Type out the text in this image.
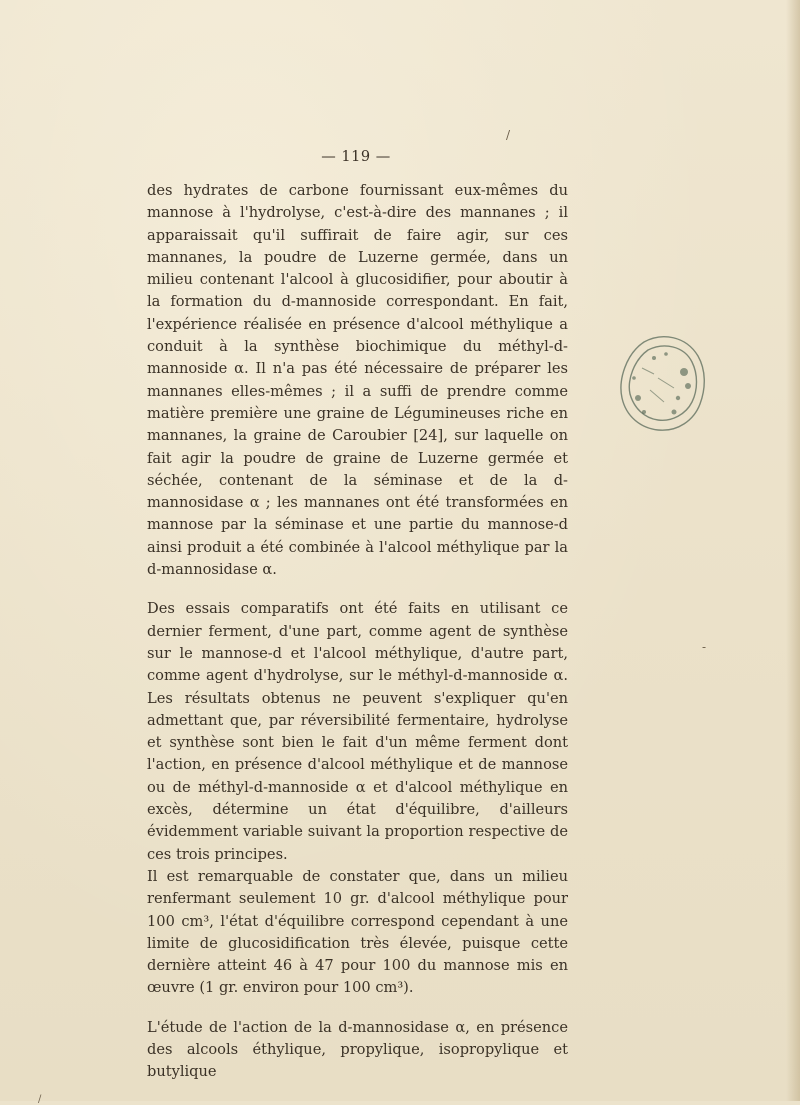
/
— 119 —

des hydrates de carbone fournissant eux-mêmes du mannose à l'hydrolyse, c'est-à-dire des mannanes ; il apparaissait qu'il suffirait de faire agir, sur ces mannanes, la poudre de Luzerne germée, dans un milieu contenant l'alcool à glucosidifier, pour aboutir à la formation du d-mannoside correspondant. En fait, l'expérience réalisée en présence d'alcool méthylique a conduit à la synthèse biochimique du méthyl-d-mannoside α. Il n'a pas été nécessaire de préparer les mannanes elles-mêmes ; il a suffi de prendre comme matière première une graine de Légumineuses riche en mannanes, la graine de Caroubier [24], sur laquelle on fait agir la poudre de graine de Luzerne germée et séchée, contenant de la séminase et de la d-mannosidase α ; les mannanes ont été transformées en mannose par la séminase et une partie du mannose-d ainsi produit a été combinée à l'alcool méthylique par la d-mannosidase α.

Des essais comparatifs ont été faits en utilisant ce dernier ferment, d'une part, comme agent de synthèse sur le mannose-d et l'alcool méthylique, d'autre part, comme agent d'hydrolyse, sur le méthyl-d-mannoside α. Les résultats obtenus ne peuvent s'expliquer qu'en admettant que, par réversibilité fermentaire, hydrolyse et synthèse sont bien le fait d'un même ferment dont l'action, en présence d'alcool méthylique et de mannose ou de méthyl-d-mannoside α et d'alcool méthylique en excès, détermine un état d'équilibre, d'ailleurs évidemment variable suivant la proportion respective de ces trois principes.

Il est remarquable de constater que, dans un milieu renfermant seulement 10 gr. d'alcool méthylique pour 100 cm³, l'état d'équilibre correspond cependant à une limite de glucosidification très élevée, puisque cette dernière atteint 46 à 47 pour 100 du mannose mis en œuvre (1 gr. environ pour 100 cm³).

L'étude de l'action de la d-mannosidase α, en présence des alcools éthylique, propylique, isopropylique et butylique

-
/
